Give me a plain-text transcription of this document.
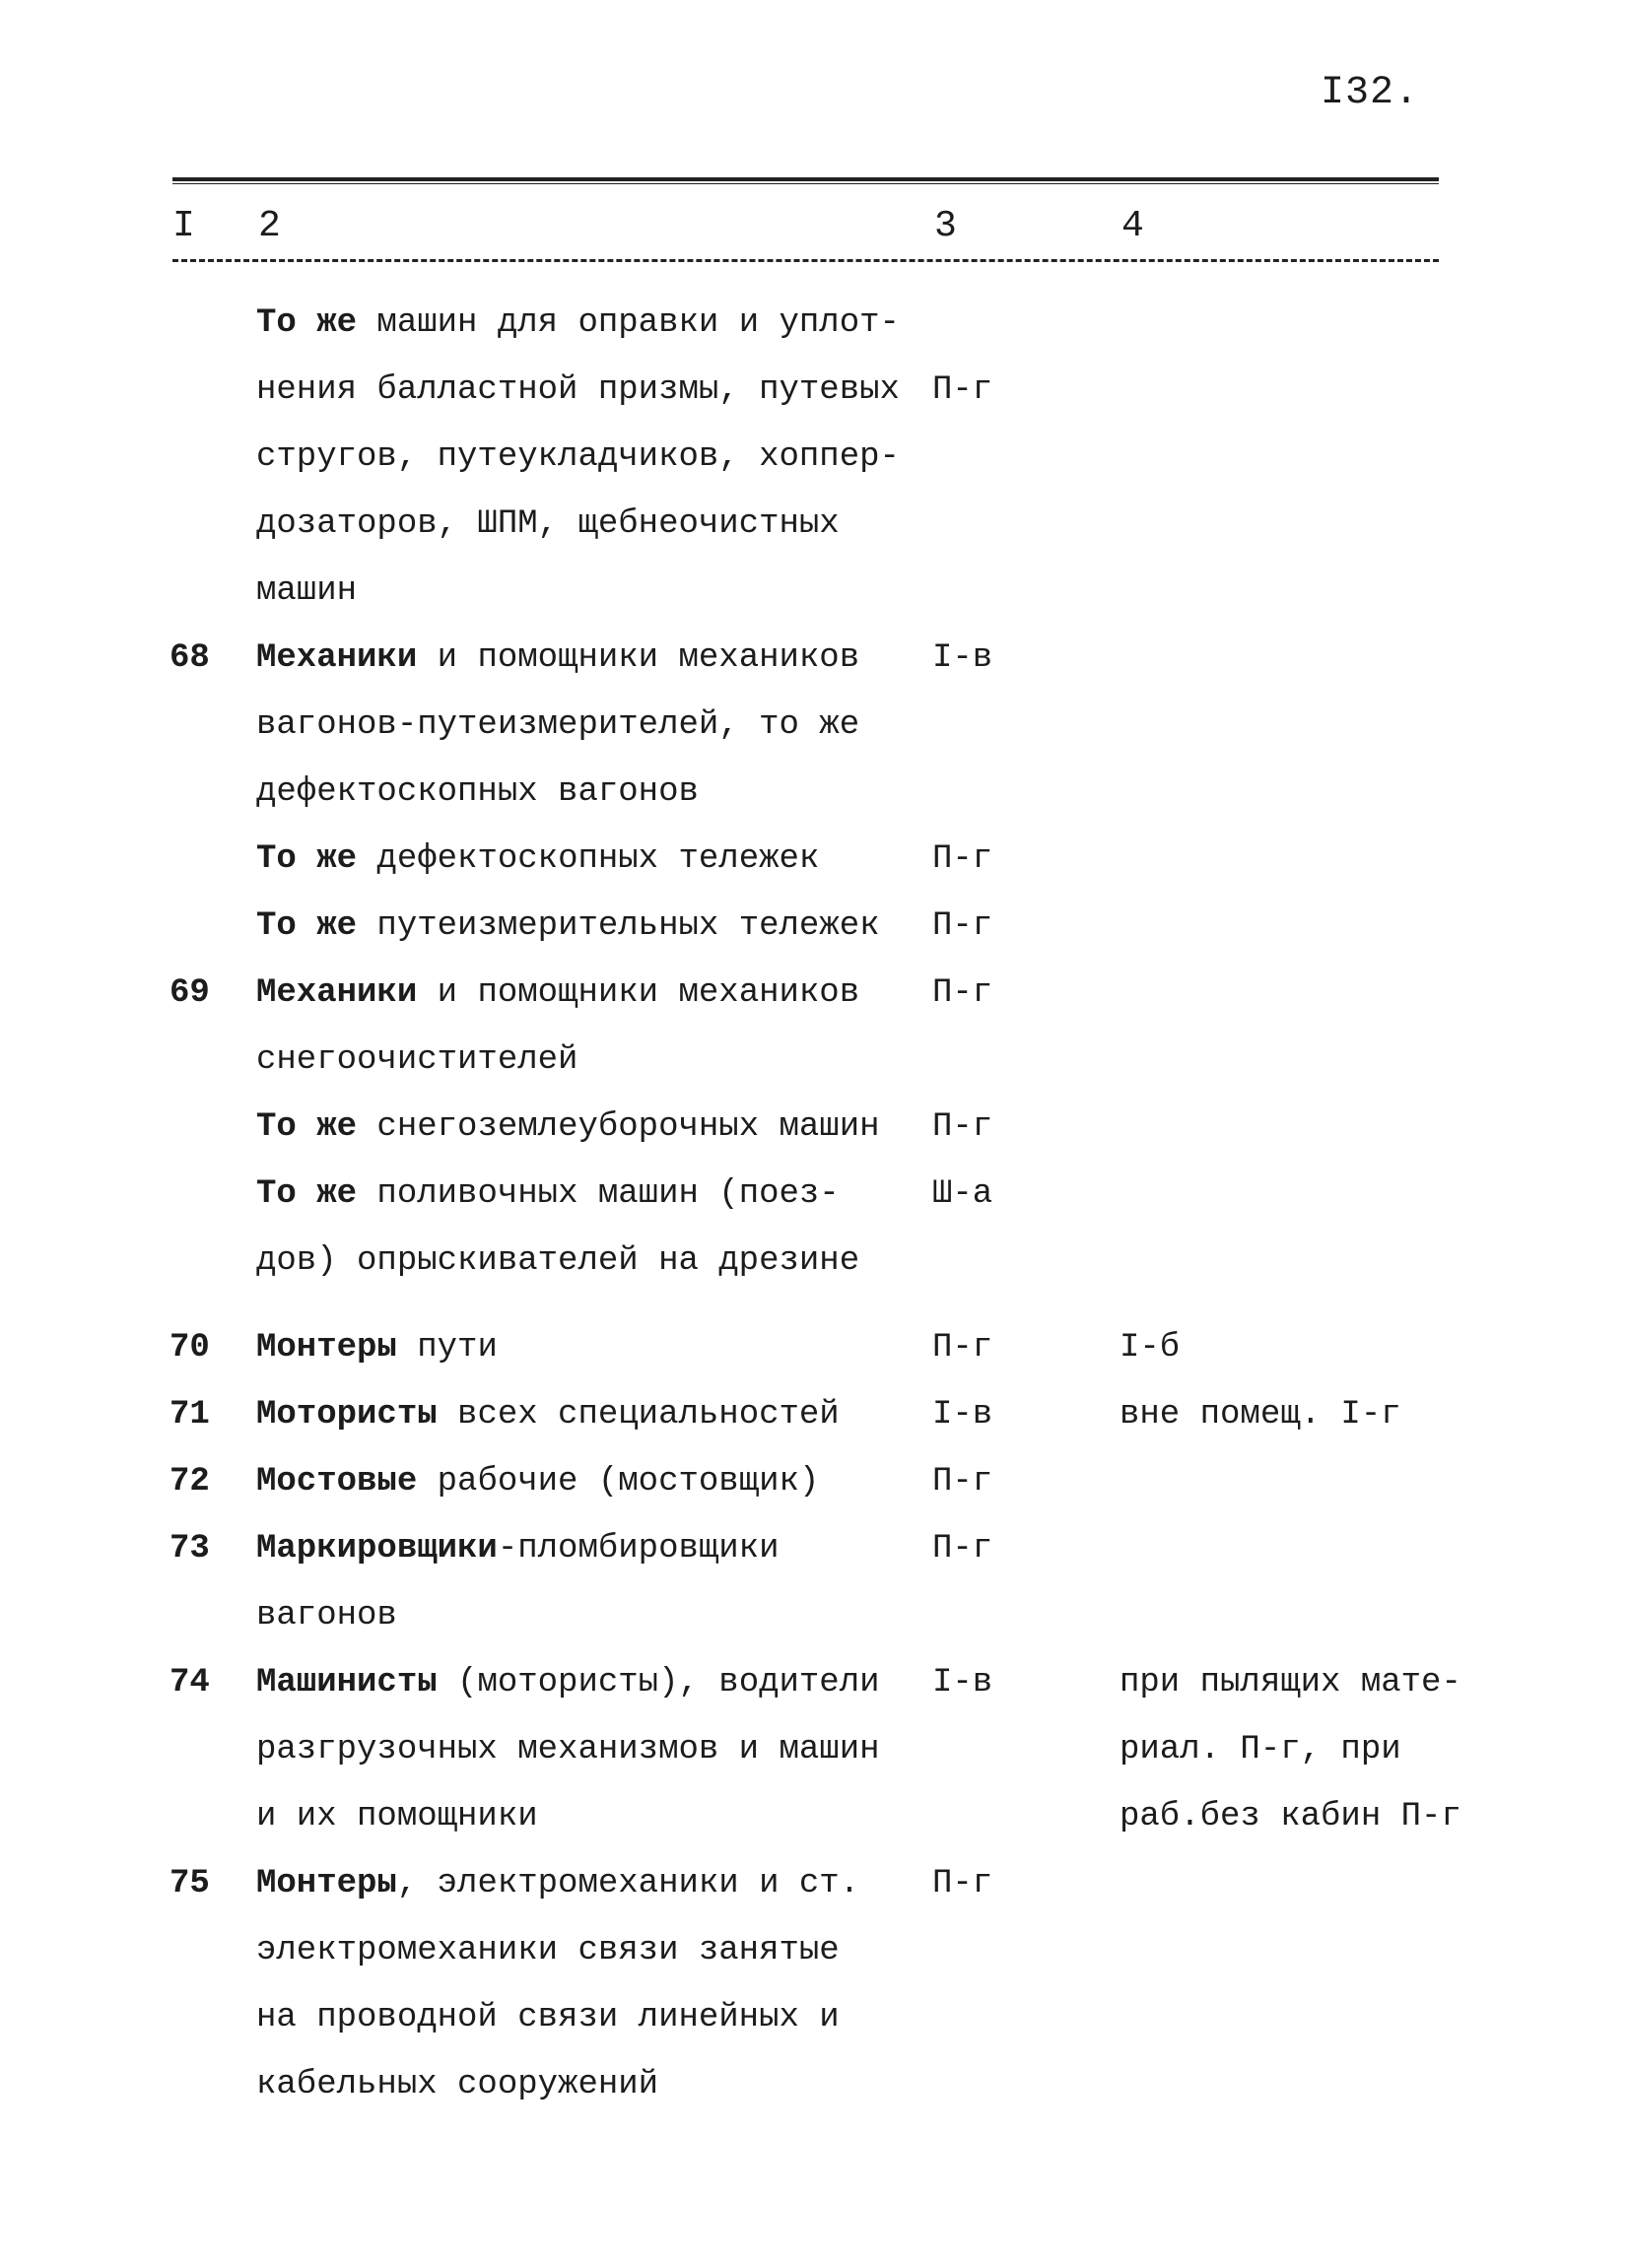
I32.
I 2	3	4
То же машин для оправки и уплот-
нения балластной призмы, путевых П-г
стругов, путеукладчиков, хоппер-
дозаторов, ШПМ, щебнеочистных
машин
68 Механики и помощники механиков I-в
вагонов-путеизмерителей, то же
дефектоскопных вагонов
То же дефектоскопных тележек	П-г
То же путеизмерительных тележек П-г
69 Механики и помощники механиков П-г
снегоочистителей
То же снегоземлеуборочных машин П-г
То же поливочных машин (поез-	Ш-а
дов) опрыскивателей на дрезине
70 Монтеры пути	П-г	I-б
71 Мотористы всех специальностей	I-в	вне помещ. I-г
72 Мостовые рабочие (мостовщик)	П-г
73 Маркировщики-пломбировщики	П-г
вагонов
74 Машинисты (мотористы), водители I-в	при пылящих мате-
разгрузочных механизмов и машин	риал. П-г, при
и их помощники	раб.без кабин П-г
75 Монтеры, электромеханики и ст. П-г
электромеханики связи занятые
на проводной связи линейных и
кабельных сооружений
